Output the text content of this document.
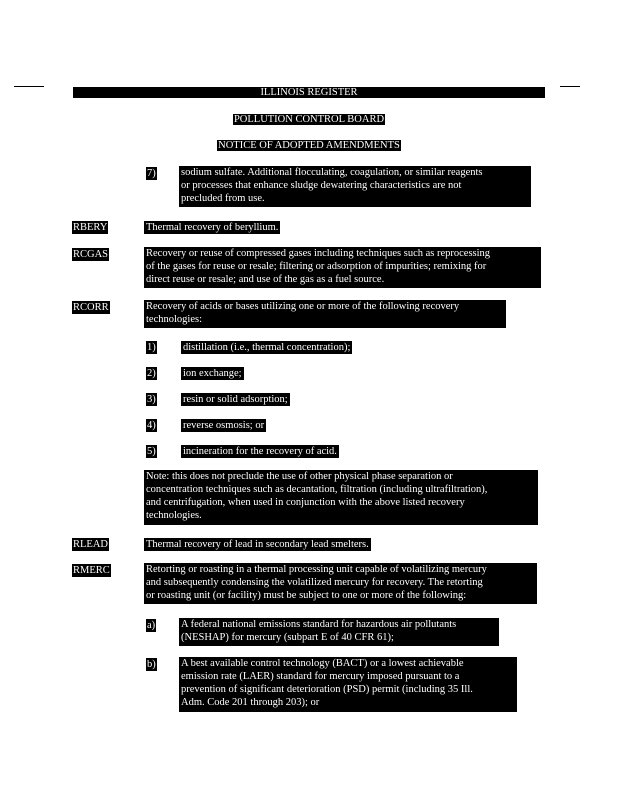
ILLINOIS REGISTER
POLLUTION CONTROL BOARD
NOTICE OF ADOPTED AMENDMENTS
7) sodium sulfate. Additional flocculating, coagulation, or similar reagents
or processes that enhance sludge dewatering characteristics are not
precluded from use.
RBERY	Thermal recovery of beryllium.
RCGAS	Recovery or reuse of compressed gases including techniques such as reprocessing
of the gases for reuse or resale; filtering or adsorption of impurities; remixing for
direct reuse or resale; and use of the gas as a fuel source.
RCORR	Recovery of acids or bases utilizing one or more of the following recovery
technologies:
1)	distillation (i.e., thermal concentration);
2)	ion exchange;
3)	resin or solid adsorption;
4)	reverse osmosis; or
5)	incineration for the recovery of acid.
Note: this does not preclude the use of other physical phase separation or
concentration techniques such as decantation, filtration (including ultrafiltration),
and centrifugation, when used in conjunction with the above listed recovery
technologies.
RLEAD	Thermal recovery of lead in secondary lead smelters.
RMERC	Retorting or roasting in a thermal processing unit capable of volatilizing mercury
and subsequently condensing the volatilized mercury for recovery. The retorting
or roasting unit (or facility) must be subject to one or more of the following:
a) A federal national emissions standard for hazardous air pollutants
(NESHAP) for mercury (subpart E of 40 CFR 61);
b) A best available control technology (BACT) or a lowest achievable
emission rate (LAER) standard for mercury imposed pursuant to a
prevention of significant deterioration (PSD) permit (including 35 Ill.
Adm. Code 201 through 203); or
